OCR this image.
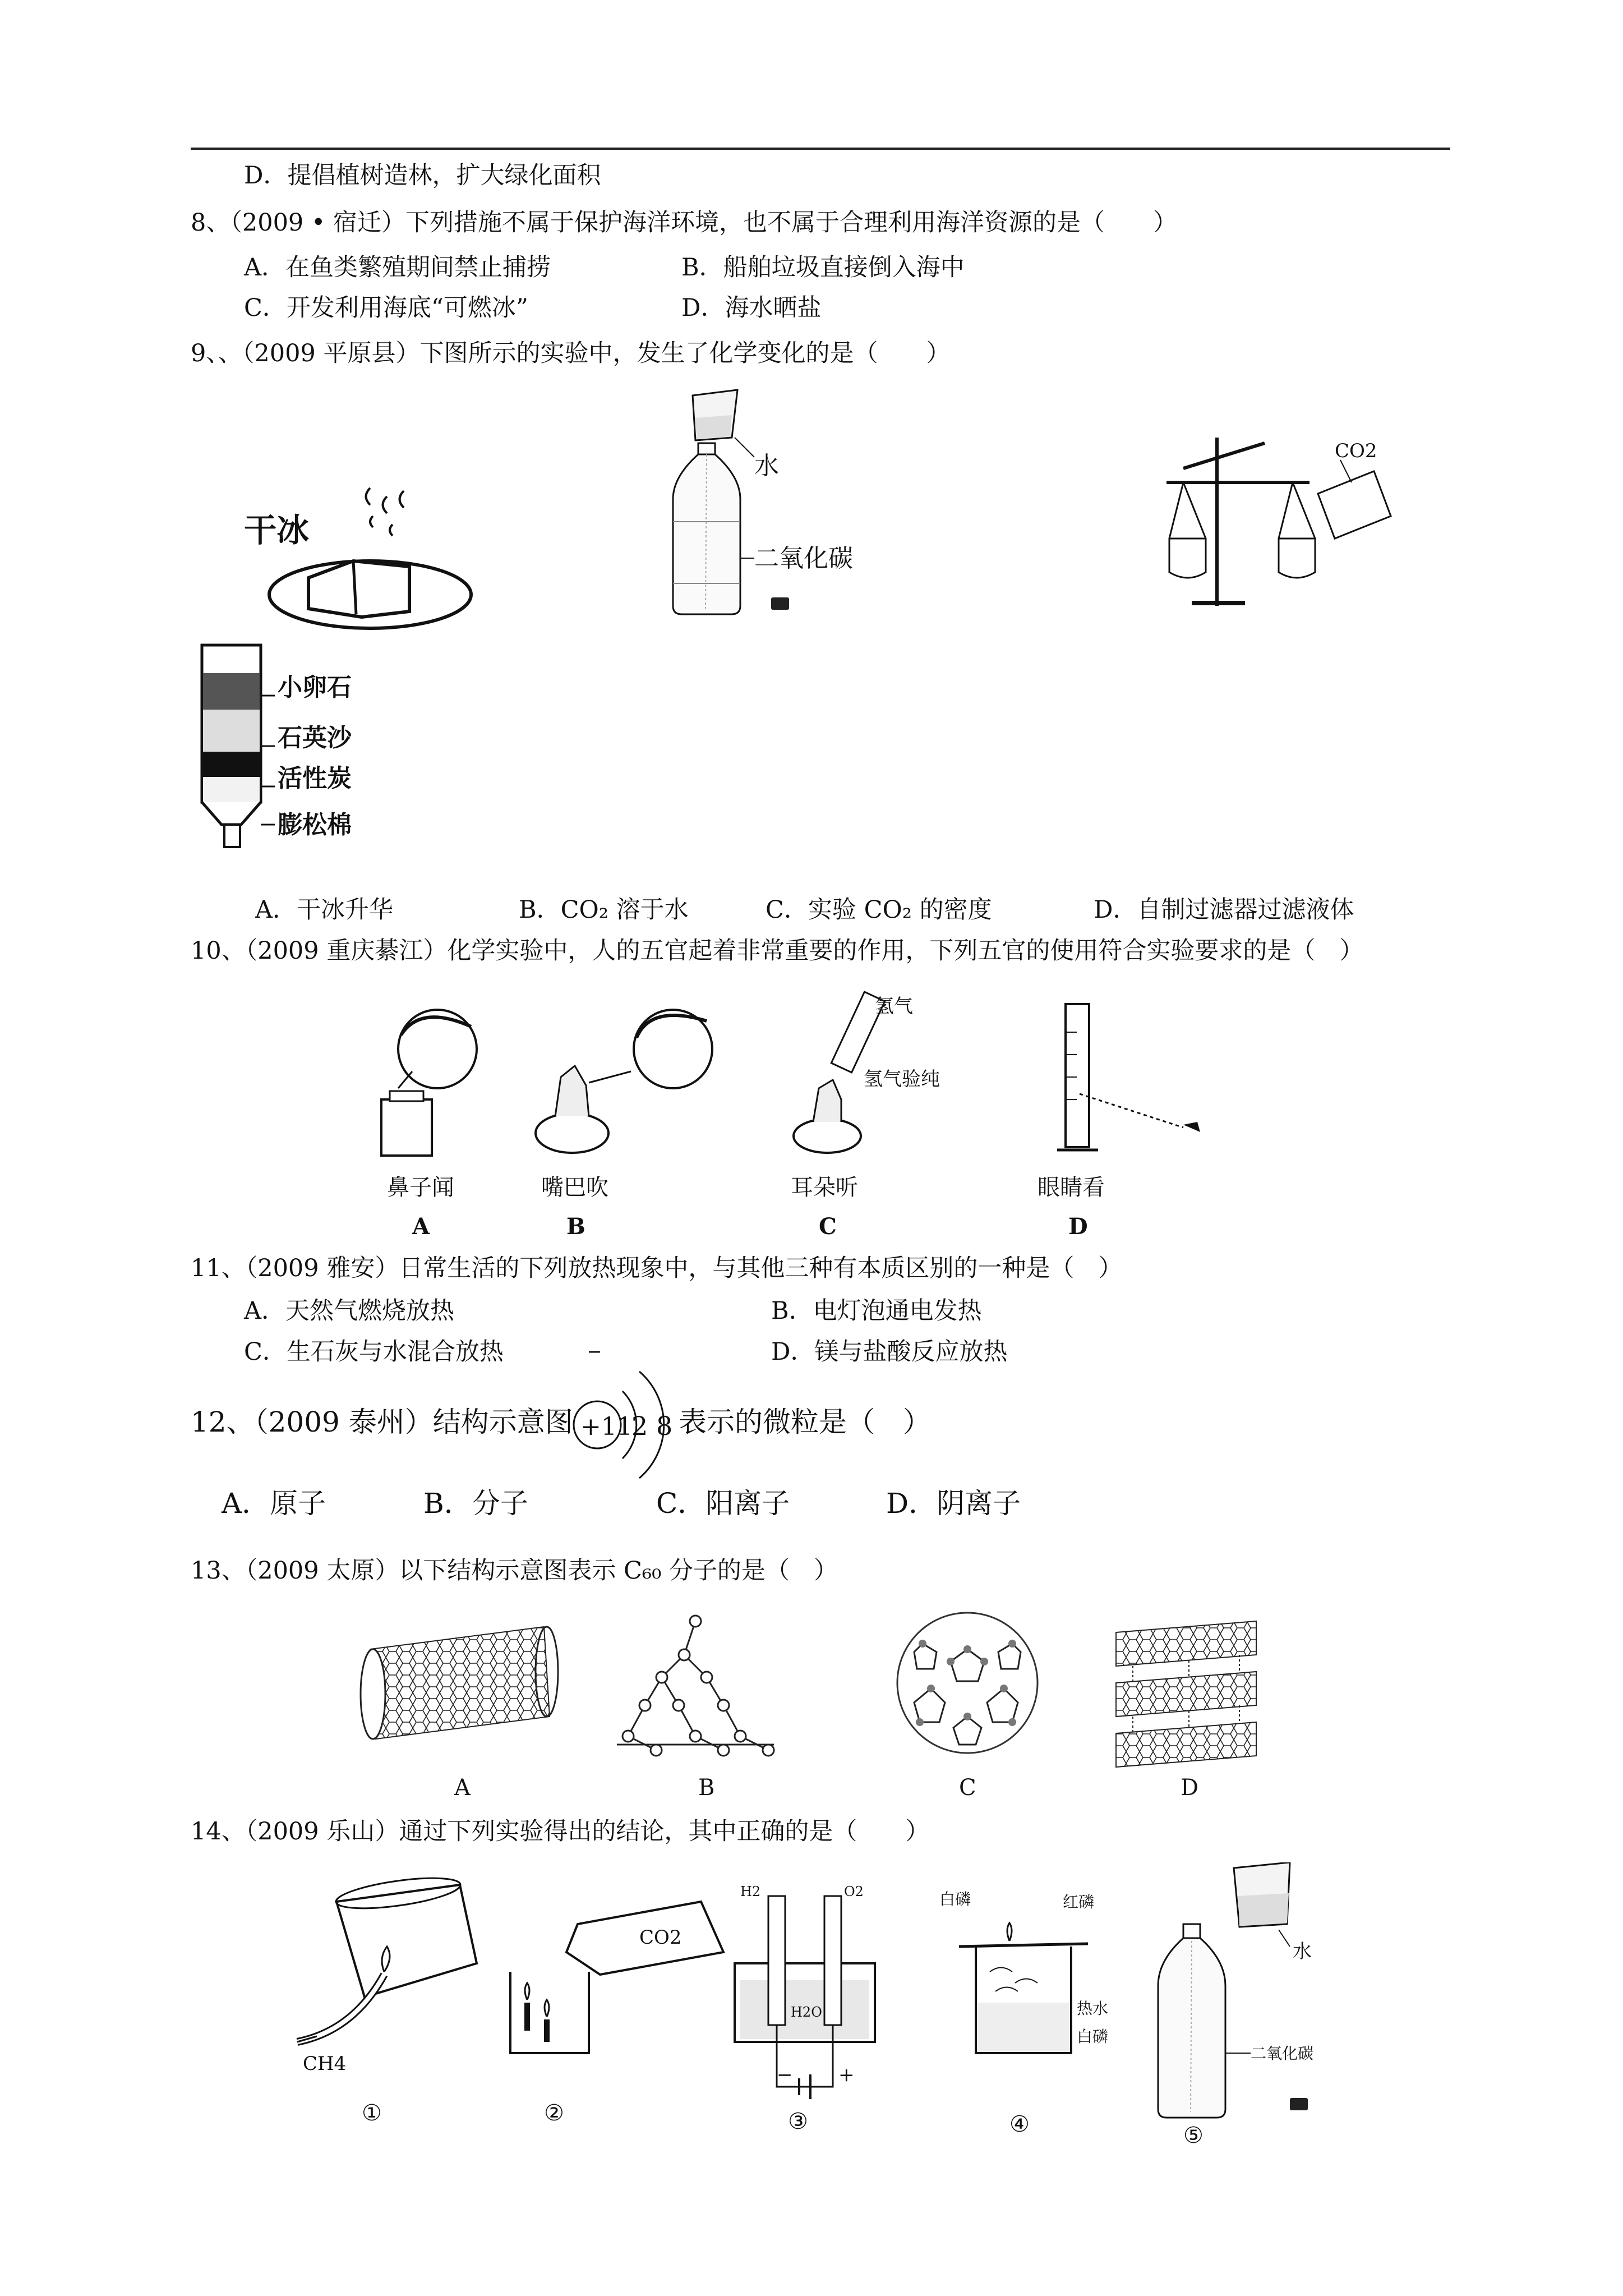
D．提倡植树造林，扩大绿化面积
8、（2009 • 宿迁）下列措施不属于保护海洋环境，也不属于合理利用海洋资源的是（　　）
A．在鱼类繁殖期间禁止捕捞	B．船舶垃圾直接倒入海中
C．开发利用海底“可燃冰”	D．海水晒盐
9、、（2009 平原县）下图所示的实验中，发生了化学变化的是（　　）
干冰
水
二氧化碳
CO2
小卵石
石英沙
活性炭
膨松棉
A．干冰升华	B．CO₂ 溶于水	C．实验 CO₂ 的密度	D．自制过滤器过滤液体
10、（2009 重庆綦江）化学实验中，人的五官起着非常重要的作用，下列五官的使用符合实验要求的是（　）
鼻子闻
A
嘴巴吹
B
氢气
氢气验纯
耳朵听
C
眼睛看
D
11、（2009 雅安）日常生活的下列放热现象中，与其他三种有本质区别的一种是（　）
A．天然气燃烧放热	B．电灯泡通电发热
C．生石灰与水混合放热	D．镁与盐酸反应放热
12、（2009 泰州）结构示意图 +11
2 8 表示的微粒是（　）
A．原子	B．分子	C．阳离子	D．阴离子
13、（2009 太原）以下结构示意图表示 C₆₀ 分子的是（　）
A	B	C	D
14、（2009 乐山）通过下列实验得出的结论，其中正确的是（　　）
CH4
①
CO2
②
H2	O2
H2O
− +
③
白磷	红磷
热水
白磷
④
水
二氧化碳
⑤
